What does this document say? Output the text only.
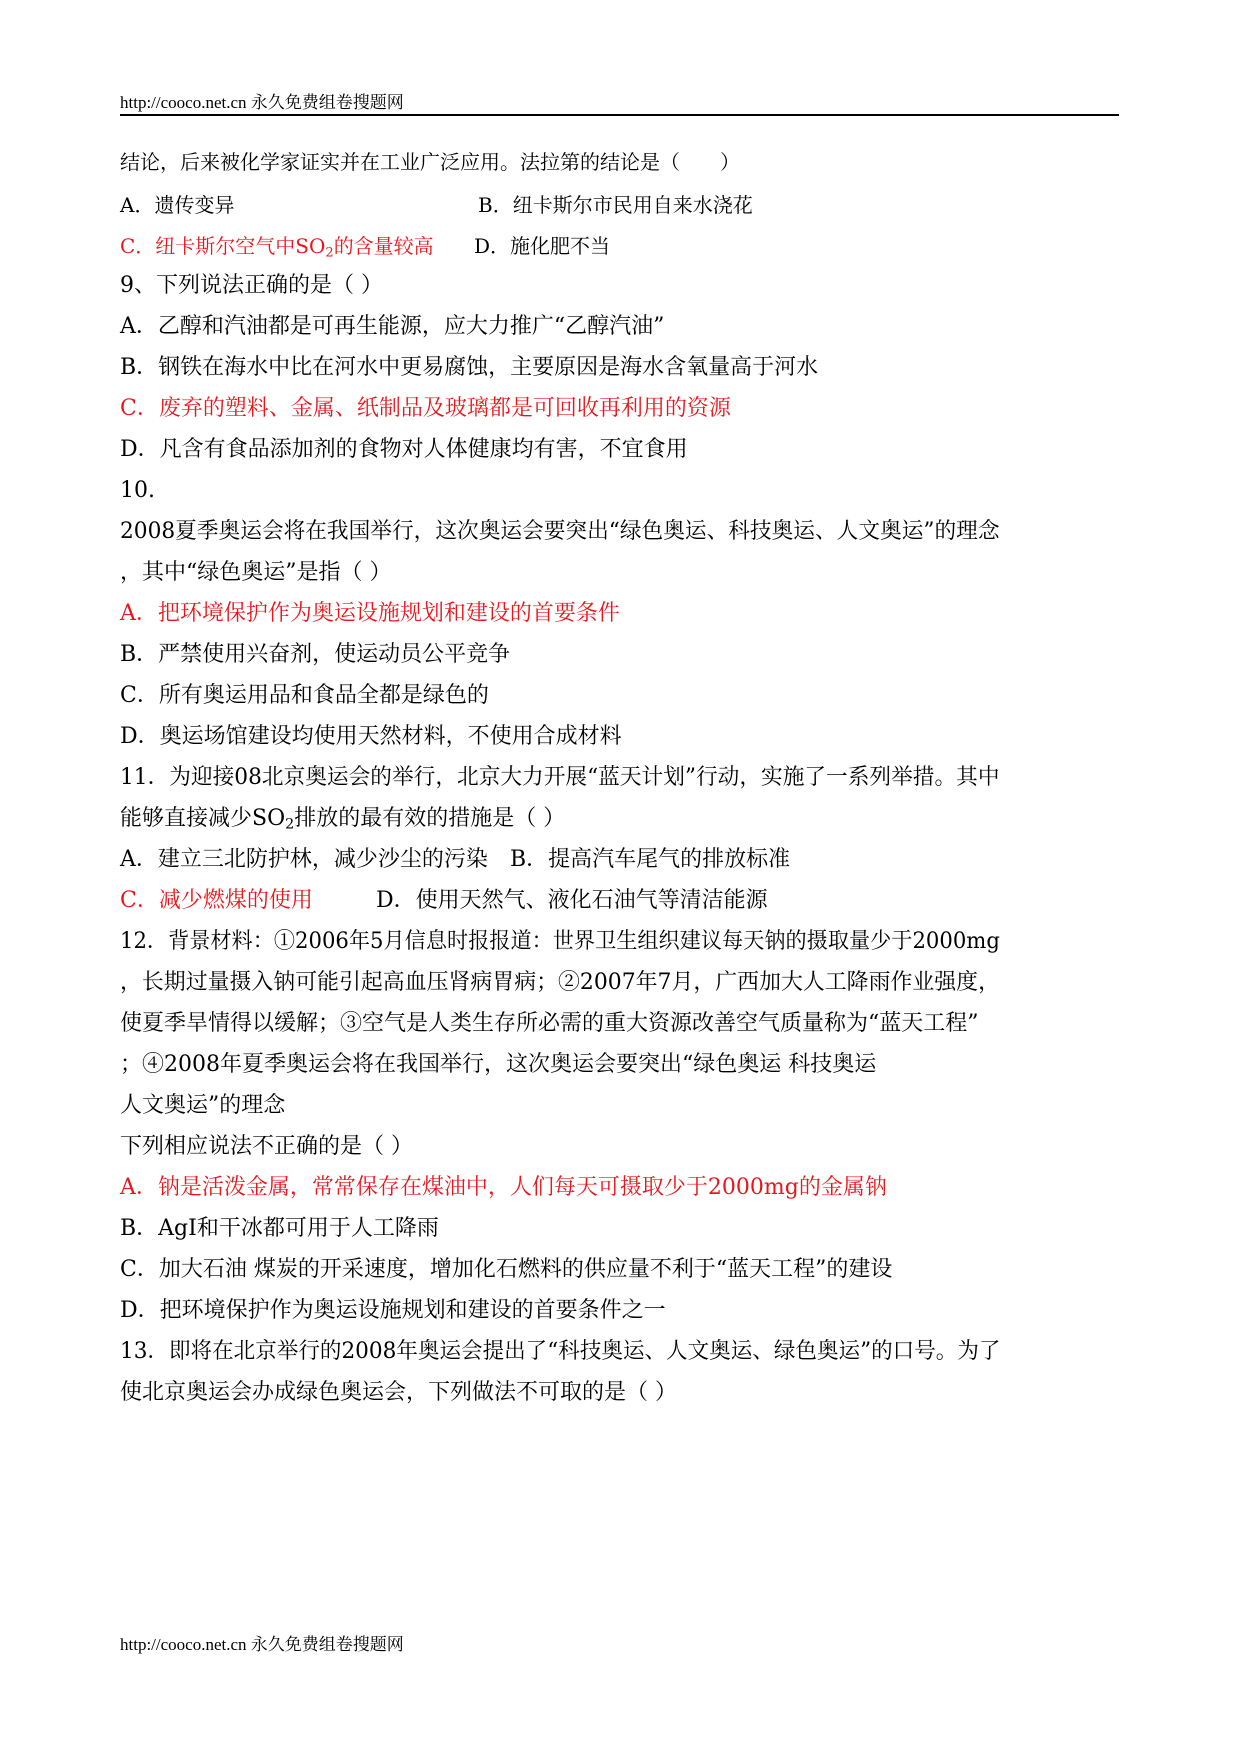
http://cooco.net.cn 永久免费组卷搜题网
结论，后来被化学家证实并在工业广泛应用。法拉第的结论是（　　）
A．遗传变异	B．纽卡斯尔市民用自来水浇花
C．纽卡斯尔空气中$SO_2$的含量较高 D．施化肥不当
9、下列说法正确的是（ ）
A．乙醇和汽油都是可再生能源，应大力推广“乙醇汽油”
B．钢铁在海水中比在河水中更易腐蚀，主要原因是海水含氧量高于河水
C．废弃的塑料、金属、纸制品及玻璃都是可回收再利用的资源
D．凡含有食品添加剂的食物对人体健康均有害，不宜食用
10.
2008夏季奥运会将在我国举行，这次奥运会要突出“绿色奥运、科技奥运、人文奥运”的理念
，其中“绿色奥运”是指（ ）
A．把环境保护作为奥运设施规划和建设的首要条件
B．严禁使用兴奋剂，使运动员公平竞争
C．所有奥运用品和食品全都是绿色的
D．奥运场馆建设均使用天然材料，不使用合成材料
11．为迎接08北京奥运会的举行，北京大力开展“蓝天计划”行动，实施了一系列举措。其中
能够直接减少$SO_2$排放的最有效的措施是（ ）
A．建立三北防护林，减少沙尘的污染 B．提高汽车尾气的排放标准
C．减少燃煤的使用	D．使用天然气、液化石油气等清洁能源
12．背景材料：①2006年5月信息时报报道：世界卫生组织建议每天钠的摄取量少于2000mg
，长期过量摄入钠可能引起高血压肾病胃病；②2007年7月，广西加大人工降雨作业强度，
使夏季旱情得以缓解；③空气是人类生存所必需的重大资源改善空气质量称为“蓝天工程”
；④2008年夏季奥运会将在我国举行，这次奥运会要突出“绿色奥运 科技奥运
人文奥运”的理念
下列相应说法不正确的是（ ）
A．钠是活泼金属，常常保存在煤油中，人们每天可摄取少于2000mg的金属钠
B．AgI和干冰都可用于人工降雨
C．加大石油 煤炭的开采速度，增加化石燃料的供应量不利于“蓝天工程”的建设
D．把环境保护作为奥运设施规划和建设的首要条件之一
13．即将在北京举行的2008年奥运会提出了“科技奥运、人文奥运、绿色奥运”的口号。为了
使北京奥运会办成绿色奥运会，下列做法不可取的是（ ）
http://cooco.net.cn 永久免费组卷搜题网
